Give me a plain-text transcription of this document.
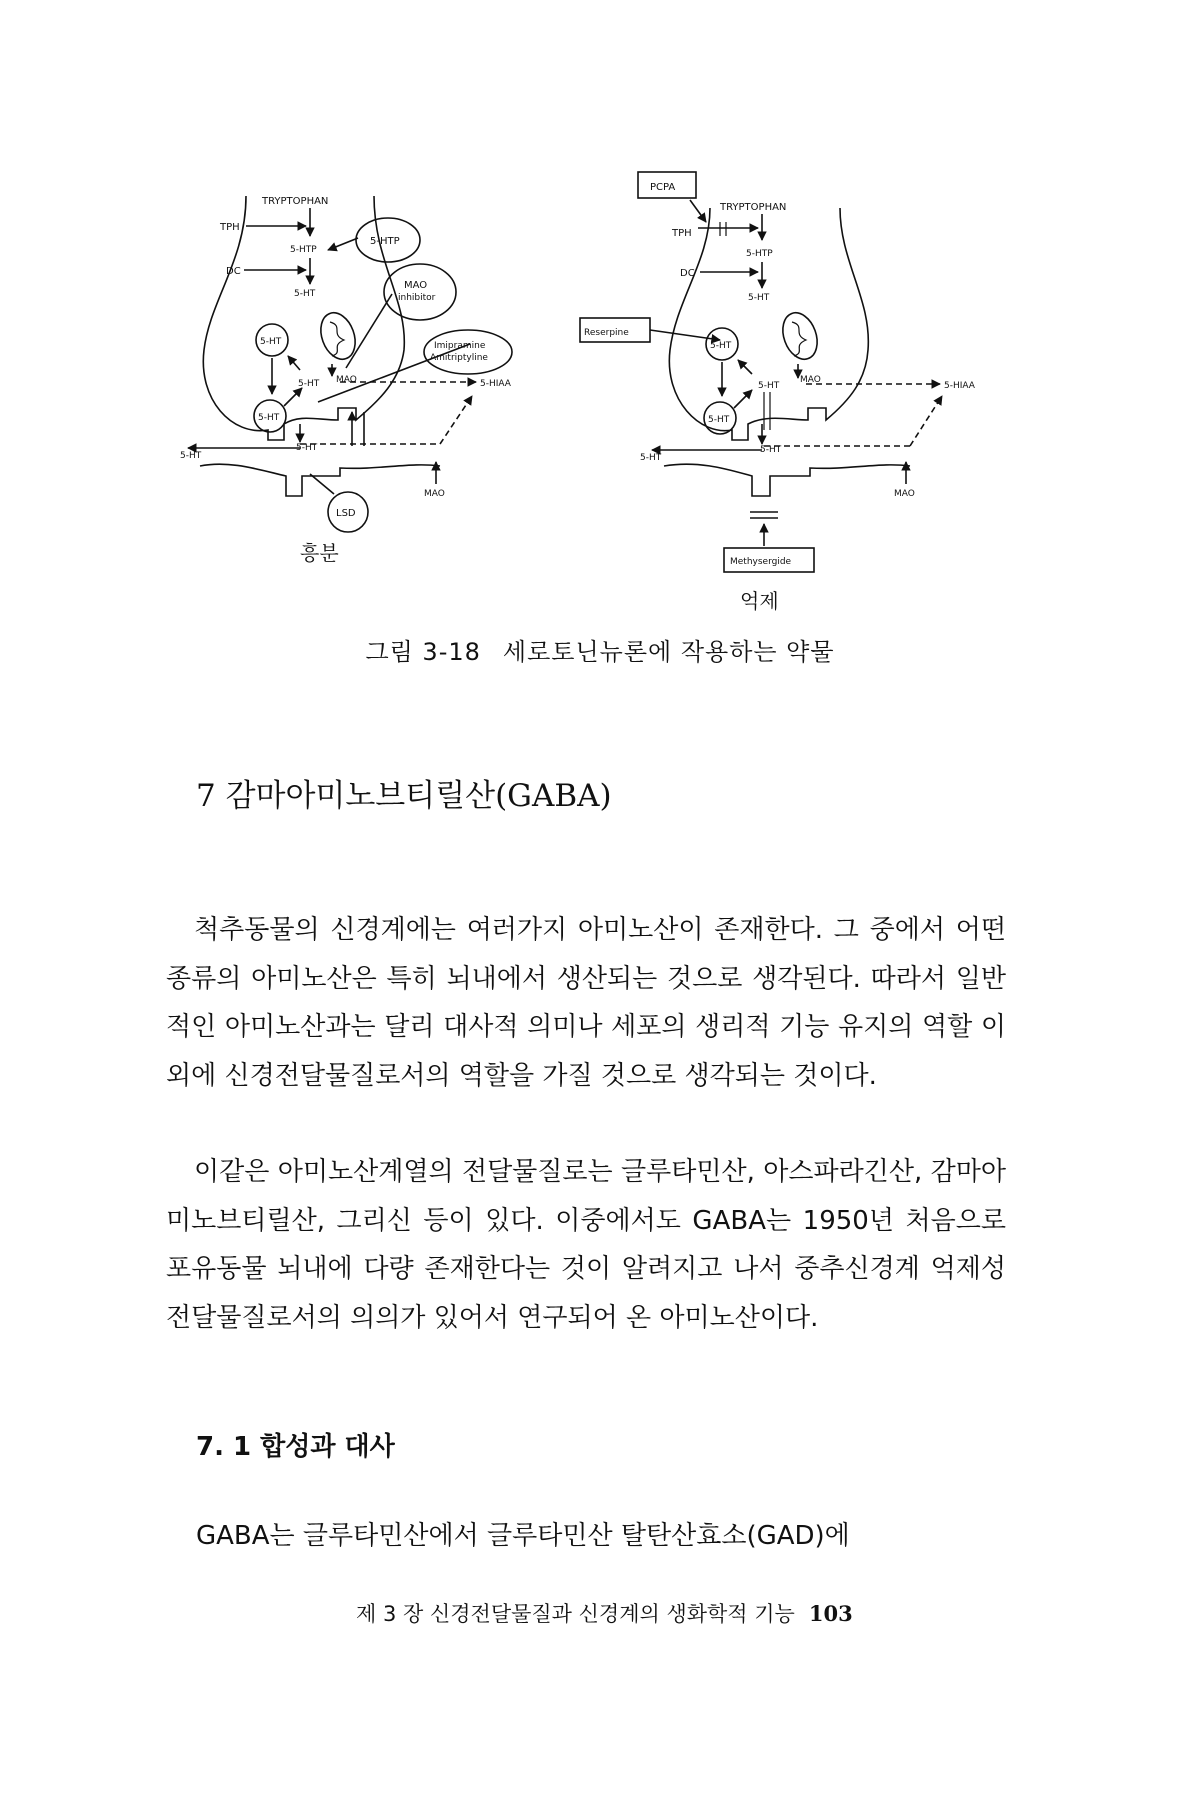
TRYPTOPHAN
TPH
DC
5-HTP
5-HT
5-HTP
MAO
inhibitor
Imipramine
Amitriptyline
5-HT
5-HT
5-HT MAO	5-HIAA
5-HT
5-HT
MAO
LSD
흥분
PCPA
TRYPTOPHAN
TPH
5-HTP
DC
5-HT
Reserpine
5-HT
5-HT
5-HT
MAO
5-HIAA
5-HT
5-HT
MAO
Methysergide
억제
그림 3-18 세로토닌뉴론에 작용하는 약물
7 감마아미노브티릴산(GABA)

척추동물의 신경계에는 여러가지 아미노산이 존재한다. 그 중에서 어떤 종류의 아미노산은 특히 뇌내에서 생산되는 것으로 생각된다. 따라서 일반적인 아미노산과는 달리 대사적 의미나 세포의 생리적 기능 유지의 역할 이외에 신경전달물질로서의 역할을 가질 것으로 생각되는 것이다.

이같은 아미노산계열의 전달물질로는 글루타민산, 아스파라긴산, 감마아미노브티릴산, 그리신 등이 있다. 이중에서도 GABA는 1950년 처음으로 포유동물 뇌내에 다량 존재한다는 것이 알려지고 나서 중추신경계 억제성 전달물질로서의 의의가 있어서 연구되어 온 아미노산이다.

7. 1 합성과 대사

GABA는 글루타민산에서 글루타민산 탈탄산효소(GAD)에

제 3 장 신경전달물질과 신경계의 생화학적 기능 103
